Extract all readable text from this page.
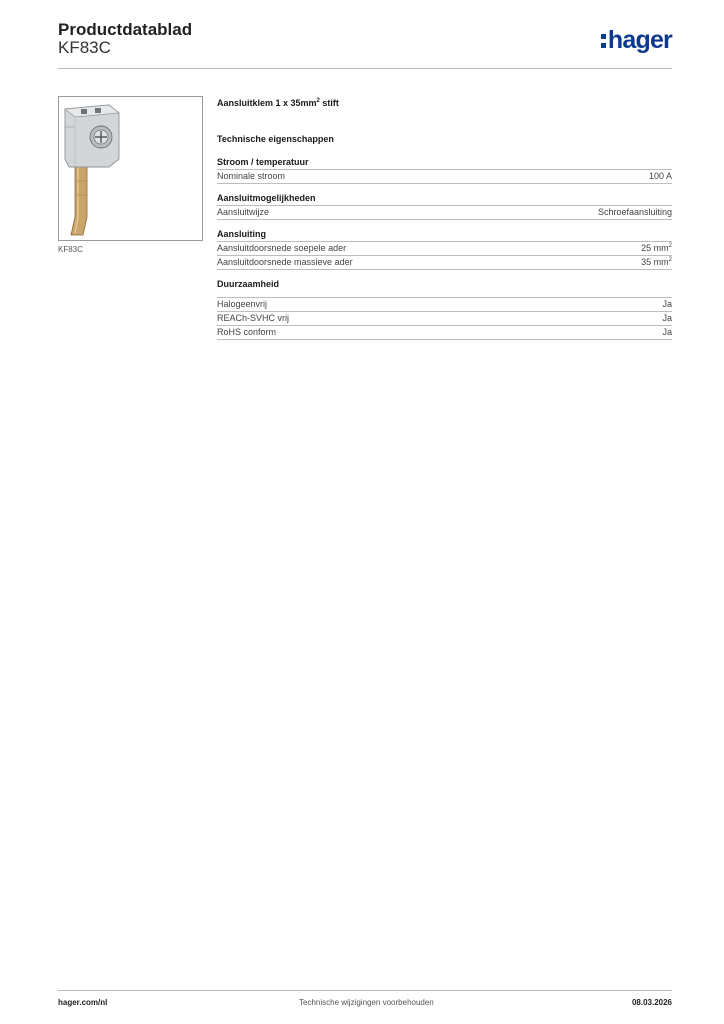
Productdatablad
KF83C	hager
KF83C
Aansluitklem 1 x $35mm^2$ stift
Technische eigenschappen
Stroom / temperatuur
Nominale stroom	100 A
Aansluitmogelijkheden
Aansluitwijze	Schroefaansluiting
Aansluiting
Aansluitdoorsnede soepele ader	25 $mm^2$
Aansluitdoorsnede massieve ader	35 $mm^2$
Duurzaamheid
Halogeenvrij	Ja
REACh-SVHC vrij	Ja
RoHS conform	Ja
hager.com/nl	Technische wijzigingen voorbehouden	08.03.2026
